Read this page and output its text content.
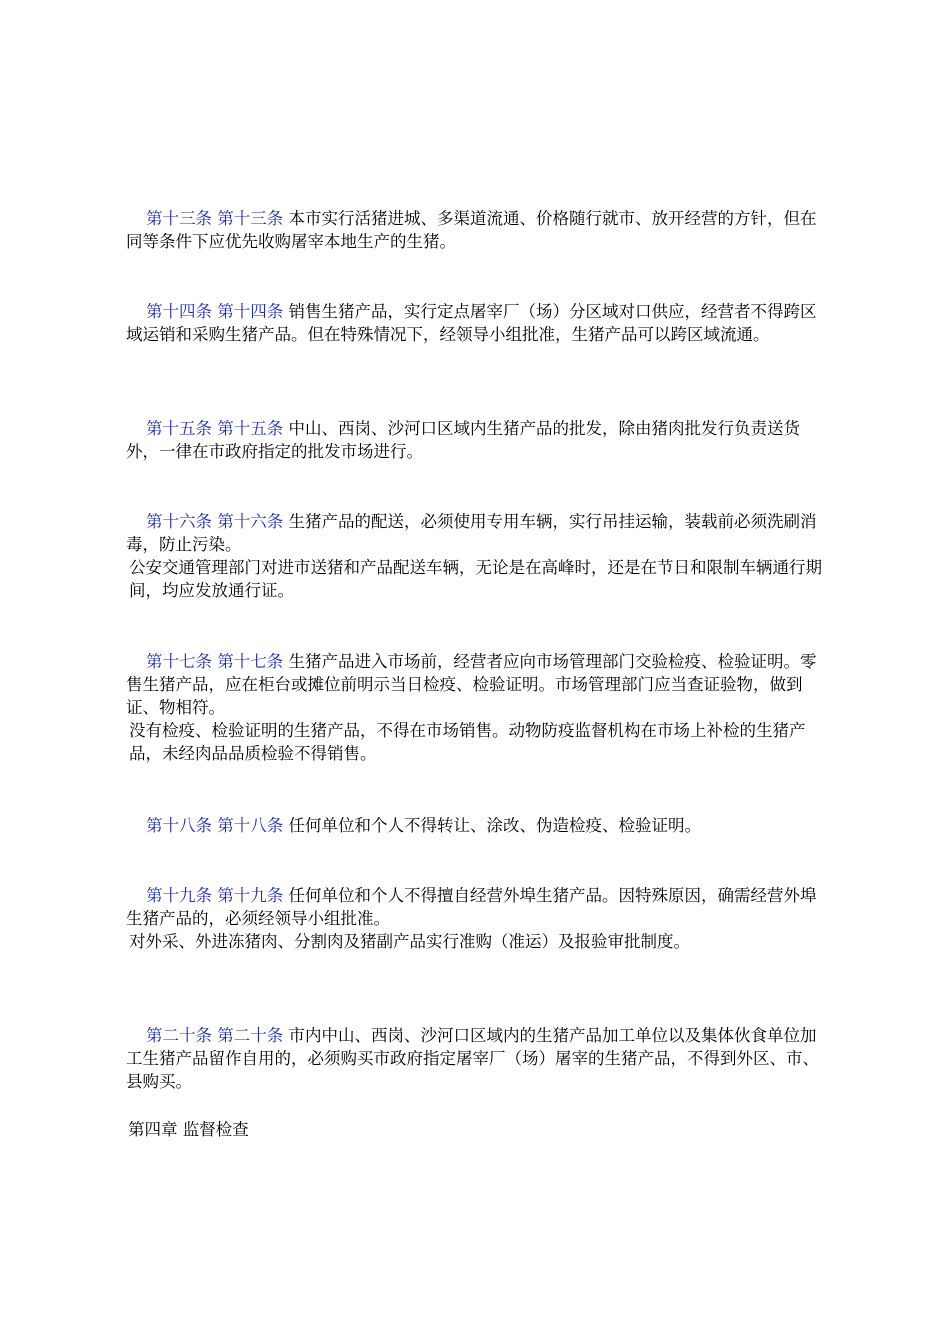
第十三条 第十三条 本市实行活猪进城、多渠道流通、价格随行就市、放开经营的方针，但在同等条件下应优先收购屠宰本地生产的生猪。

第十四条 第十四条 销售生猪产品，实行定点屠宰厂（场）分区域对口供应，经营者不得跨区域运销和采购生猪产品。但在特殊情况下，经领导小组批准，生猪产品可以跨区域流通。

第十五条 第十五条 中山、西岗、沙河口区域内生猪产品的批发，除由猪肉批发行负责送货外，一律在市政府指定的批发市场进行。

第十六条 第十六条 生猪产品的配送，必须使用专用车辆，实行吊挂运输，装载前必须洗刷消毒，防止污染。

公安交通管理部门对进市送猪和产品配送车辆，无论是在高峰时，还是在节日和限制车辆通行期间，均应发放通行证。

第十七条 第十七条 生猪产品进入市场前，经营者应向市场管理部门交验检疫、检验证明。零售生猪产品，应在柜台或摊位前明示当日检疫、检验证明。市场管理部门应当查证验物，做到证、物相符。

没有检疫、检验证明的生猪产品，不得在市场销售。动物防疫监督机构在市场上补检的生猪产品，未经肉品品质检验不得销售。

第十八条 第十八条 任何单位和个人不得转让、涂改、伪造检疫、检验证明。

第十九条 第十九条 任何单位和个人不得擅自经营外埠生猪产品。因特殊原因，确需经营外埠生猪产品的，必须经领导小组批准。

对外采、外进冻猪肉、分割肉及猪副产品实行准购（准运）及报验审批制度。

第二十条 第二十条 市内中山、西岗、沙河口区域内的生猪产品加工单位以及集体伙食单位加工生猪产品留作自用的，必须购买市政府指定屠宰厂（场）屠宰的生猪产品，不得到外区、市、县购买。

第四章 监督检查
